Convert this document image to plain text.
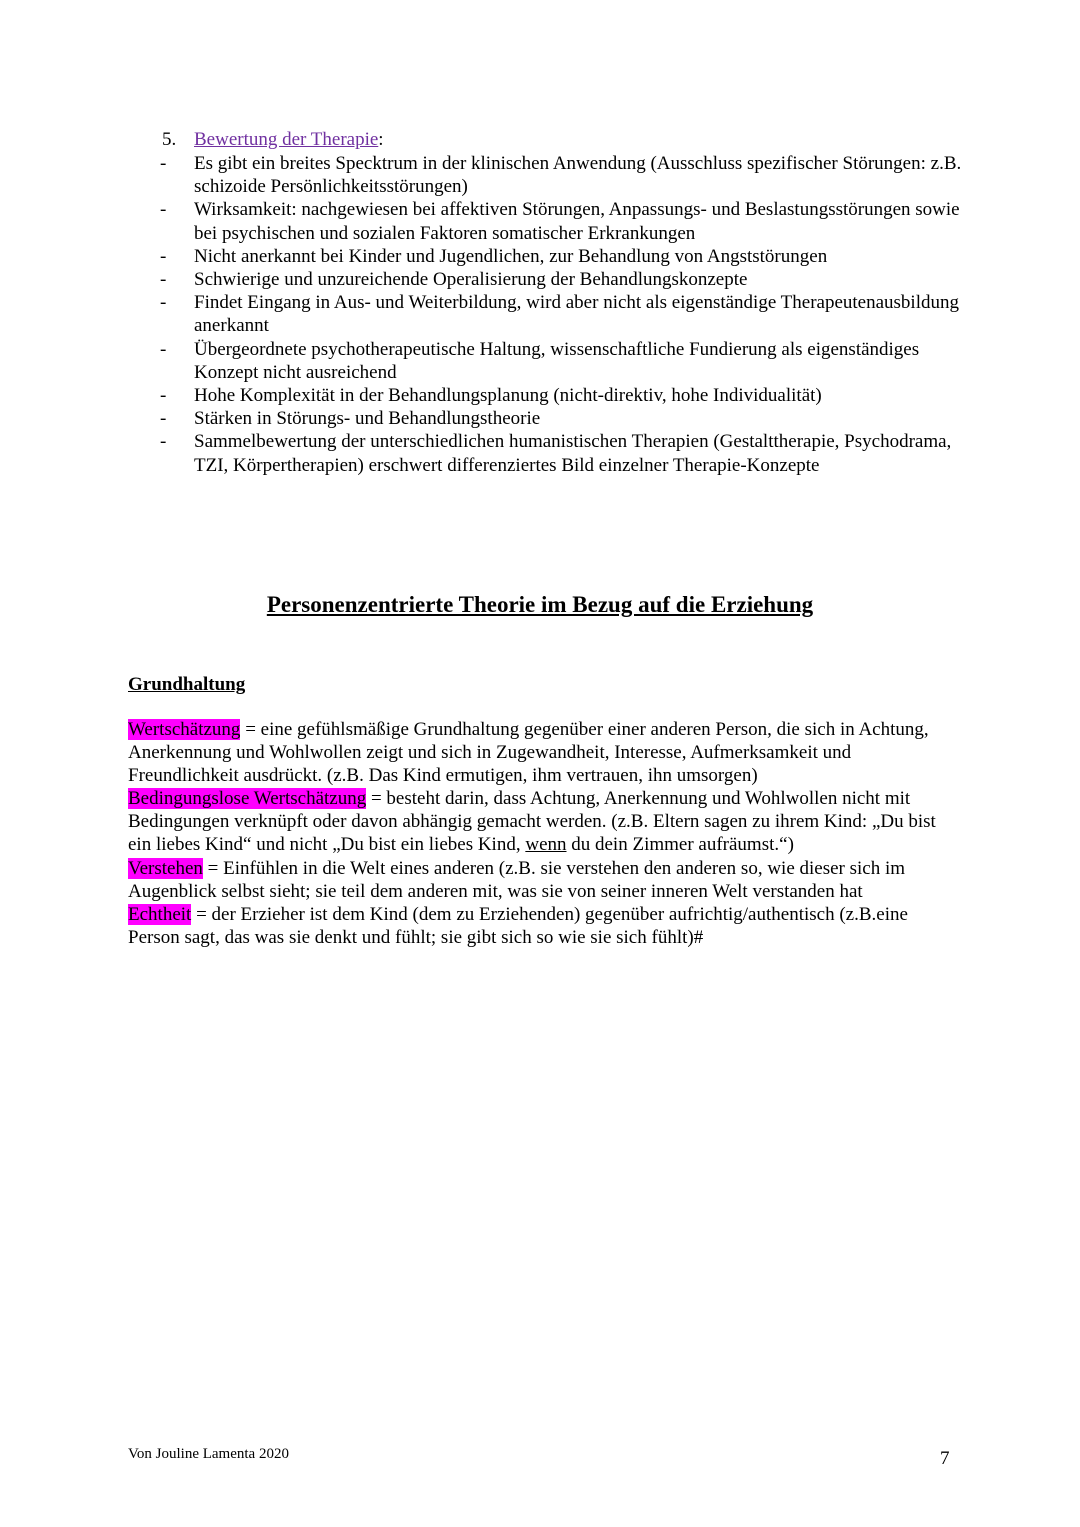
5. Bewertung der Therapie:
- Es gibt ein breites Specktrum in der klinischen Anwendung (Ausschluss spezifischer Störungen: z.B. schizoide Persönlichkeitsstörungen)
- Wirksamkeit: nachgewiesen bei affektiven Störungen, Anpassungs- und Beslastungsstörungen sowie bei psychischen und sozialen Faktoren somatischer Erkrankungen
- Nicht anerkannt bei Kinder und Jugendlichen, zur Behandlung von Angststörungen
- Schwierige und unzureichende Operalisierung der Behandlungskonzepte
- Findet Eingang in Aus- und Weiterbildung, wird aber nicht als eigenständige Therapeutenausbildung anerkannt
- Übergeordnete psychotherapeutische Haltung, wissenschaftliche Fundierung als eigenständiges Konzept nicht ausreichend
- Hohe Komplexität in der Behandlungsplanung (nicht-direktiv, hohe Individualität)
- Stärken in Störungs- und Behandlungstheorie
- Sammelbewertung der unterschiedlichen humanistischen Therapien (Gestalttherapie, Psychodrama, TZI, Körpertherapien) erschwert differenziertes Bild einzelner Therapie-Konzepte
Personenzentrierte Theorie im Bezug auf die Erziehung
Grundhaltung

Wertschätzung = eine gefühlsmäßige Grundhaltung gegenüber einer anderen Person, die sich in Achtung, Anerkennung und Wohlwollen zeigt und sich in Zugewandheit, Interesse, Aufmerksamkeit und Freundlichkeit ausdrückt. (z.B. Das Kind ermutigen, ihm vertrauen, ihn umsorgen)

Bedingungslose Wertschätzung = besteht darin, dass Achtung, Anerkennung und Wohlwollen nicht mit Bedingungen verknüpft oder davon abhängig gemacht werden. (z.B. Eltern sagen zu ihrem Kind: „Du bist ein liebes Kind“ und nicht „Du bist ein liebes Kind, wenn du dein Zimmer aufräumst.“)

Verstehen = Einfühlen in die Welt eines anderen (z.B. sie verstehen den anderen so, wie dieser sich im Augenblick selbst sieht; sie teil dem anderen mit, was sie von seiner inneren Welt verstanden hat

Echtheit = der Erzieher ist dem Kind (dem zu Erziehenden) gegenüber aufrichtig/authentisch (z.B.eine Person sagt, das was sie denkt und fühlt; sie gibt sich so wie sie sich fühlt)#

Von Jouline Lamenta 2020	7
